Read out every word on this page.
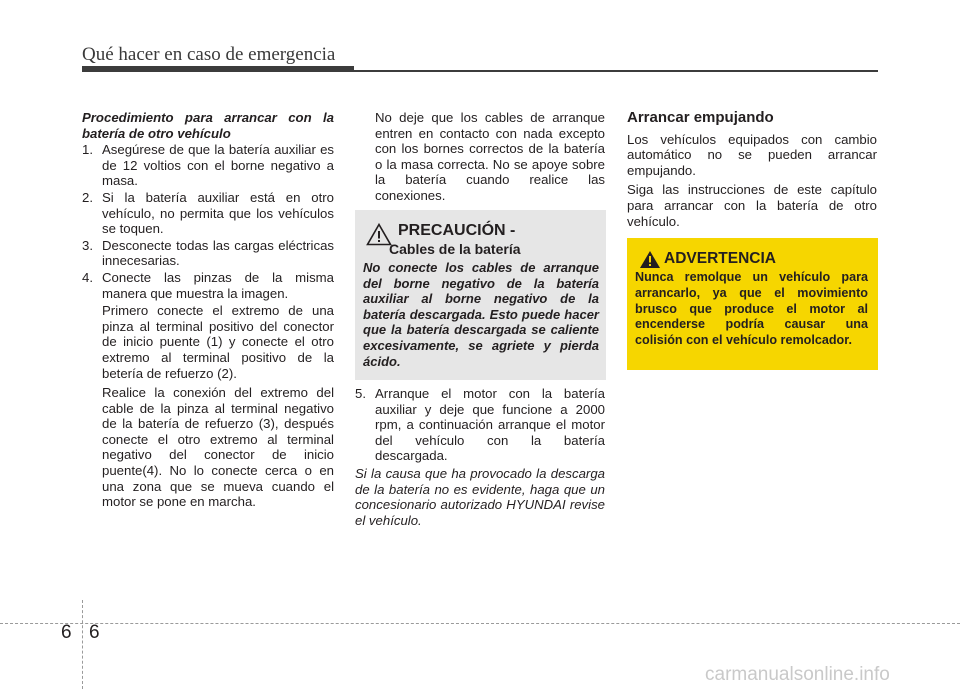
Qué hacer en caso de emergencia

Procedimiento para arrancar con la batería de otro vehículo

1. Asegúrese de que la batería auxiliar es de 12 voltios con el borne negativo a masa.
2. Si la batería auxiliar está en otro vehículo, no permita que los vehículos se toquen.
3. Desconecte todas las cargas eléctricas innecesarias.
4. Conecte las pinzas de la misma manera que muestra la imagen.

Primero conecte el extremo de una pinza al terminal positivo del conector de inicio puente (1) y conecte el otro extremo al terminal positivo de la betería de refuerzo (2).

Realice la conexión del extremo del cable de la pinza al terminal negativo de la batería de refuerzo (3), después conecte el otro extremo al terminal negativo del conector de inicio puente(4). No lo conecte cerca o en una zona que se mueva cuando el motor se pone en marcha.

No deje que los cables de arranque entren en contacto con nada excepto con los bornes correctos de la batería o la masa correcta. No se apoye sobre la batería cuando realice las conexiones.

PRECAUCIÓN -
Cables de la batería
No conecte los cables de arranque del borne negativo de la batería auxiliar al borne negativo de la batería descargada. Esto puede hacer que la batería descargada se caliente excesivamente, se agriete y pierda ácido.
5. Arranque el motor con la batería auxiliar y deje que funcione a 2000 rpm, a continuación arranque el motor del vehículo con la batería descargada.

Si la causa que ha provocado la descarga de la batería no es evidente, haga que un concesionario autorizado HYUNDAI revise el vehículo.

Arrancar empujando

Los vehículos equipados con cambio automático no se pueden arrancar empujando.

Siga las instrucciones de este capítulo para arrancar con la batería de otro vehículo.

ADVERTENCIA
Nunca remolque un vehículo para arrancarlo, ya que el movimiento brusco que produce el motor al encenderse podría causar una colisión con el vehículo remolcador.
6 6
carmanualsonline.info
